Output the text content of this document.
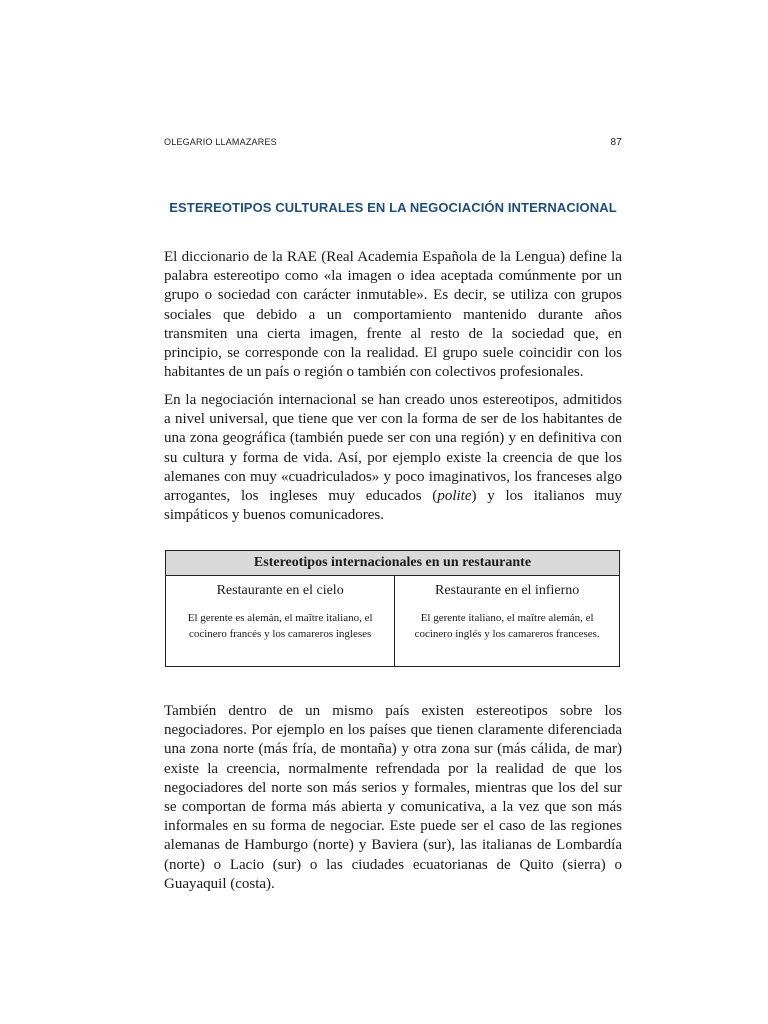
OLEGARIO LLAMAZARES	87
ESTEREOTIPOS CULTURALES EN LA NEGOCIACIÓN INTERNACIONAL

El diccionario de la RAE (Real Academia Española de la Lengua) define la palabra estereotipo como «la imagen o idea aceptada comúnmente por un grupo o sociedad con carácter inmutable». Es decir, se utiliza con grupos sociales que debido a un comportamiento mantenido durante años transmiten una cierta imagen, frente al resto de la sociedad que, en principio, se corresponde con la realidad. El grupo suele coincidir con los habitantes de un país o región o también con colectivos profesionales.

En la negociación internacional se han creado unos estereotipos, admitidos a nivel universal, que tiene que ver con la forma de ser de los habitantes de una zona geográfica (también puede ser con una región) y en definitiva con su cultura y forma de vida. Así, por ejemplo existe la creencia de que los alemanes con muy «cuadriculados» y poco imaginativos, los franceses algo arrogantes, los ingleses muy educados (polite) y los italianos muy simpáticos y buenos comunicadores.

Estereotipos internacionales en un restaurante	
Restaurante en el cielo	Restaurante en el infierno
El gerente es alemán, el maître italiano, el cocinero francés y los camareros ingleses	El gerente italiano, el maître alemán, el cocinero inglés y los camareros franceses.

También dentro de un mismo país existen estereotipos sobre los negociadores. Por ejemplo en los países que tienen claramente diferenciada una zona norte (más fría, de montaña) y otra zona sur (más cálida, de mar) existe la creencia, normalmente refrendada por la realidad de que los negociadores del norte son más serios y formales, mientras que los del sur se comportan de forma más abierta y comunicativa, a la vez que son más informales en su forma de negociar. Este puede ser el caso de las regiones alemanas de Hamburgo (norte) y Baviera (sur), las italianas de Lombardía (norte) o Lacio (sur) o las ciudades ecuatorianas de Quito (sierra) o Guayaquil (costa).
